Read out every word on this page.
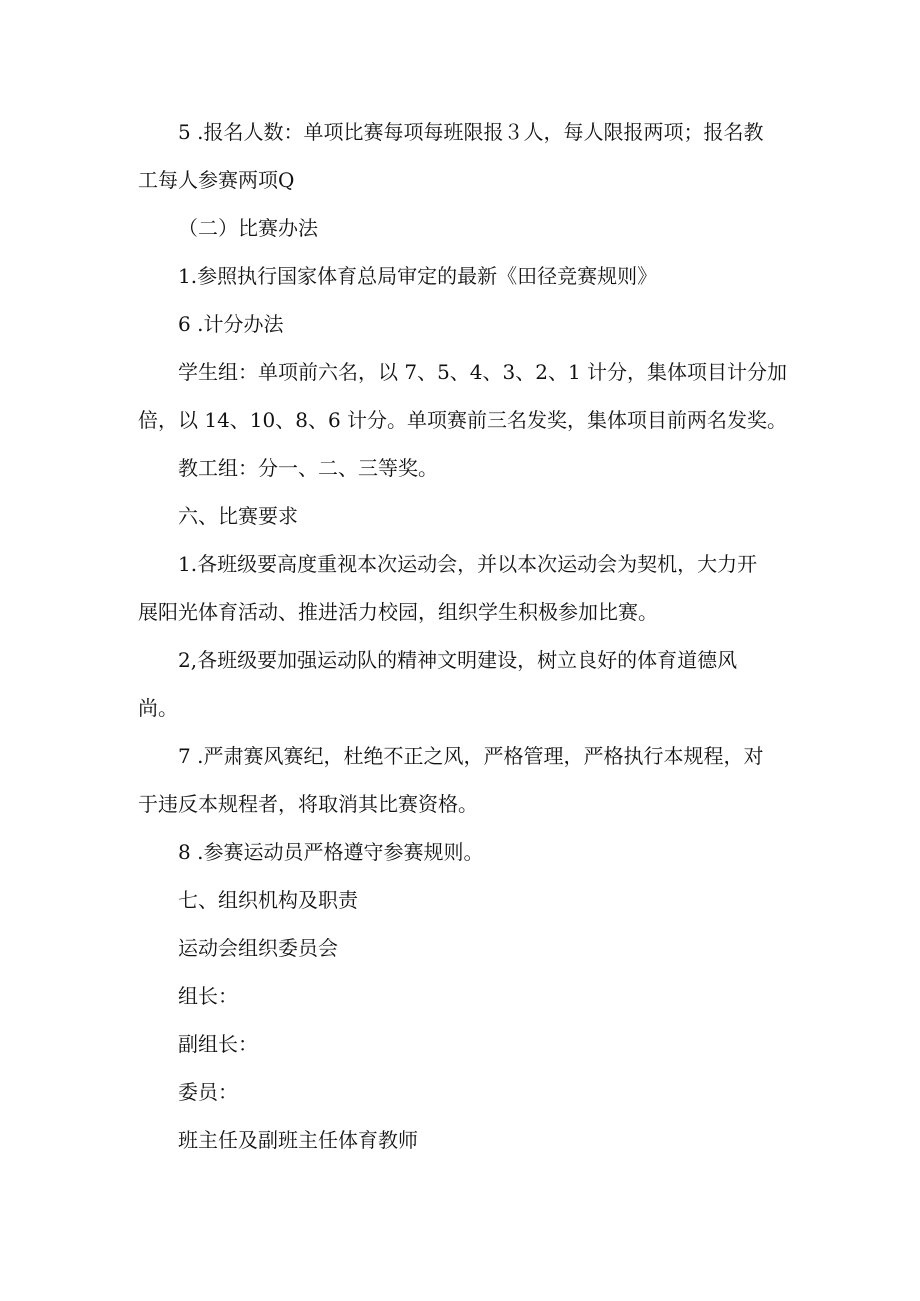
5 .报名人数：单项比赛每项每班限报３人，每人限报两项；报名教
工每人参赛两项Q
（二）比赛办法
1.参照执行国家体育总局审定的最新《田径竞赛规则》
6 .计分办法
学生组：单项前六名，以 7、5、4、3、2、1 计分，集体项目计分加
倍，以 14、10、8、6 计分。单项赛前三名发奖，集体项目前两名发奖。
教工组：分一、二、三等奖。
六、比赛要求
1.各班级要高度重视本次运动会，并以本次运动会为契机，大力开
展阳光体育活动、推进活力校园，组织学生积极参加比赛。
2,各班级要加强运动队的精神文明建设，树立良好的体育道德风
尚。
7 .严肃赛风赛纪，杜绝不正之风，严格管理，严格执行本规程，对
于违反本规程者，将取消其比赛资格。
8 .参赛运动员严格遵守参赛规则。
七、组织机构及职责
运动会组织委员会
组长：
副组长：
委员：
班主任及副班主任体育教师
